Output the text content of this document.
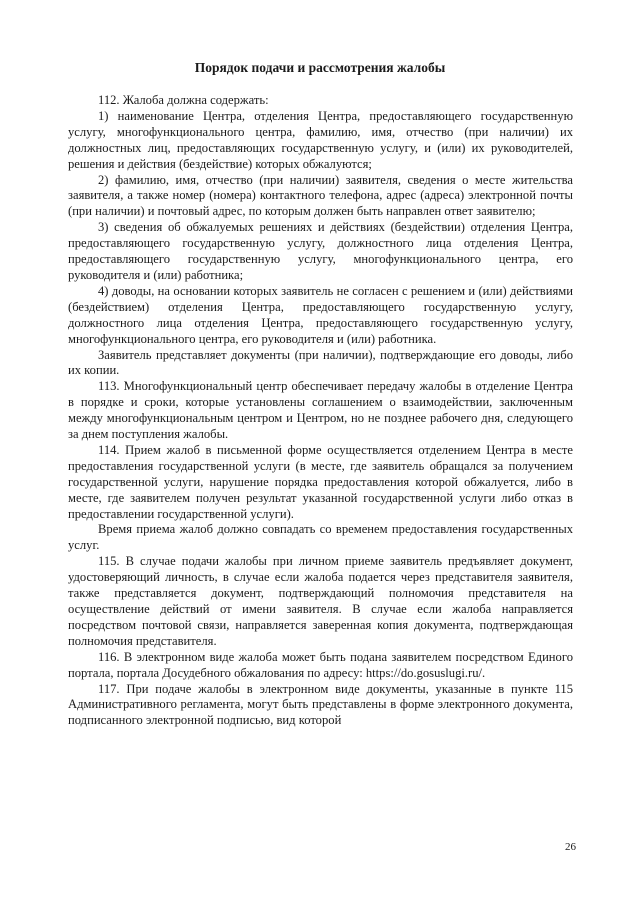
Порядок подачи и рассмотрения жалобы

112. Жалоба должна содержать:

1) наименование Центра, отделения Центра, предоставляющего государственную услугу, многофункционального центра, фамилию, имя, отчество (при наличии) их должностных лиц, предоставляющих государственную услугу, и (или) их руководителей, решения и действия (бездействие) которых обжалуются;

2) фамилию, имя, отчество (при наличии) заявителя, сведения о месте жительства заявителя, а также номер (номера) контактного телефона, адрес (адреса) электронной почты (при наличии) и почтовый адрес, по которым должен быть направлен ответ заявителю;

3) сведения об обжалуемых решениях и действиях (бездействии) отделения Центра, предоставляющего государственную услугу, должностного лица отделения Центра, предоставляющего государственную услугу, многофункционального центра, его руководителя и (или) работника;

4) доводы, на основании которых заявитель не согласен с решением и (или) действиями (бездействием) отделения Центра, предоставляющего государственную услугу, должностного лица отделения Центра, предоставляющего государственную услугу, многофункционального центра, его руководителя и (или) работника.

Заявитель представляет документы (при наличии), подтверждающие его доводы, либо их копии.

113. Многофункциональный центр обеспечивает передачу жалобы в отделение Центра в порядке и сроки, которые установлены соглашением о взаимодействии, заключенным между многофункциональным центром и Центром, но не позднее рабочего дня, следующего за днем поступления жалобы.

114. Прием жалоб в письменной форме осуществляется отделением Центра в месте предоставления государственной услуги (в месте, где заявитель обращался за получением государственной услуги, нарушение порядка предоставления которой обжалуется, либо в месте, где заявителем получен результат указанной государственной услуги либо отказ в предоставлении государственной услуги).

Время приема жалоб должно совпадать со временем предоставления государственных услуг.

115. В случае подачи жалобы при личном приеме заявитель предъявляет документ, удостоверяющий личность, в случае если жалоба подается через представителя заявителя, также представляется документ, подтверждающий полномочия представителя на осуществление действий от имени заявителя. В случае если жалоба направляется посредством почтовой связи, направляется заверенная копия документа, подтверждающая полномочия представителя.

116. В электронном виде жалоба может быть подана заявителем посредством Единого портала, портала Досудебного обжалования по адресу: https://do.gosuslugi.ru/.

117. При подаче жалобы в электронном виде документы, указанные в пункте 115 Административного регламента, могут быть представлены в форме электронного документа, подписанного электронной подписью, вид которой

26
